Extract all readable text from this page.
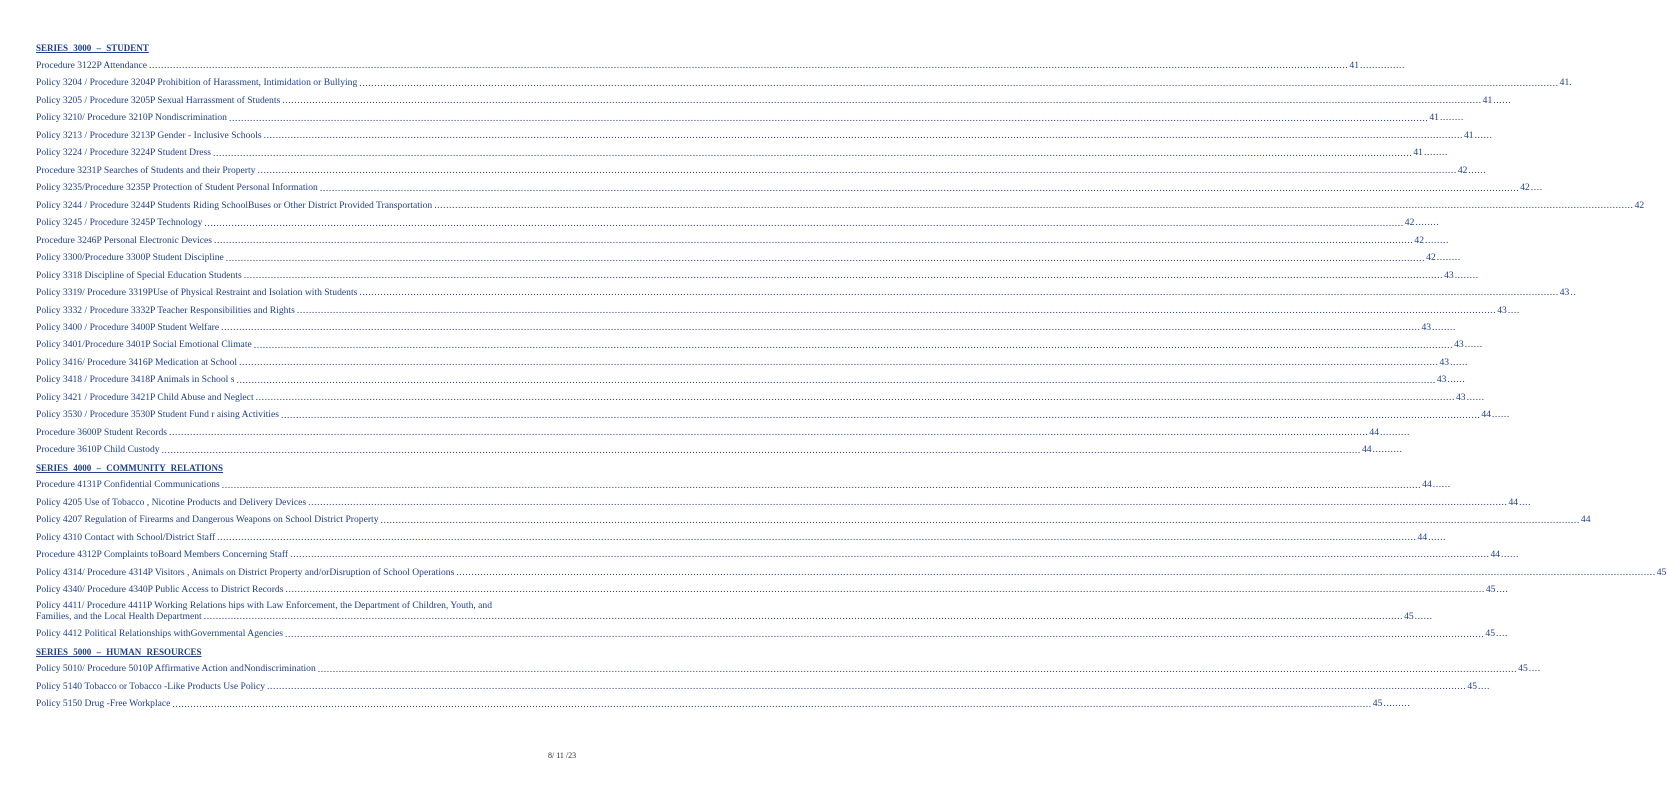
SERIES 3000 – STUDENT
Procedure 3122P Attendance ................................................................................................................................................................................................................................................................................................................................................................................................................ 41 ...............
Policy 3204 / Procedure 3204P Prohibition of Harassment, Intimidation or Bullying ................................................................................................................................................................................................................................................................................................................................................................................................................ 41.
Policy 3205 / Procedure 3205P Sexual Harrassment of Students ................................................................................................................................................................................................................................................................................................................................................................................................................ 41 ......
Policy 3210/ Procedure 3210P Nondiscrimination ................................................................................................................................................................................................................................................................................................................................................................................................................ 41 ........
Policy 3213 / Procedure 3213P Gender - Inclusive Schools ................................................................................................................................................................................................................................................................................................................................................................................................................ 41 ......
Policy 3224 / Procedure 3224P Student Dress ................................................................................................................................................................................................................................................................................................................................................................................................................ 41 ........
Procedure 3231P Searches of Students and their Property ................................................................................................................................................................................................................................................................................................................................................................................................................ 42 ......
Policy 3235/Procedure 3235P Protection of Student Personal Information ................................................................................................................................................................................................................................................................................................................................................................................................................ 42 ....
Policy 3244 / Procedure 3244P Students Riding SchoolBuses or Other District Provided Transportation ................................................................................................................................................................................................................................................................................................................................................................................................................ 42
Policy 3245 / Procedure 3245P Technology ................................................................................................................................................................................................................................................................................................................................................................................................................ 42 ........
Procedure 3246P Personal Electronic Devices ................................................................................................................................................................................................................................................................................................................................................................................................................ 42 ........
Policy 3300/Procedure 3300P Student Discipline ................................................................................................................................................................................................................................................................................................................................................................................................................ 42 ........
Policy 3318 Discipline of Special Education Students ................................................................................................................................................................................................................................................................................................................................................................................................................ 43 ........
Policy 3319/ Procedure 3319PUse of Physical Restraint and Isolation with Students ................................................................................................................................................................................................................................................................................................................................................................................................................ 43 ..
Policy 3332 / Procedure 3332P Teacher Responsibilities and Rights ................................................................................................................................................................................................................................................................................................................................................................................................................ 43 ....
Policy 3400 / Procedure 3400P Student Welfare ................................................................................................................................................................................................................................................................................................................................................................................................................ 43 ........
Policy 3401/Procedure 3401P Social Emotional Climate ................................................................................................................................................................................................................................................................................................................................................................................................................ 43 ......
Policy 3416/ Procedure 3416P Medication at School ................................................................................................................................................................................................................................................................................................................................................................................................................ 43 ......
Policy 3418 / Procedure 3418P Animals in School s ................................................................................................................................................................................................................................................................................................................................................................................................................ 43 ......
Policy 3421 / Procedure 3421P Child Abuse and Neglect ................................................................................................................................................................................................................................................................................................................................................................................................................ 43 ......
Policy 3530 / Procedure 3530P Student Fund r aising Activities ................................................................................................................................................................................................................................................................................................................................................................................................................ 44 ......
Procedure 3600P Student Records ................................................................................................................................................................................................................................................................................................................................................................................................................ 44 ..........
Procedure 3610P Child Custody ................................................................................................................................................................................................................................................................................................................................................................................................................ 44 ..........
SERIES 4000 – COMMUNITY RELATIONS
Procedure 4131P Confidential Communications ................................................................................................................................................................................................................................................................................................................................................................................................................ 44 ......
Policy 4205 Use of Tobacco , Nicotine Products and Delivery Devices ................................................................................................................................................................................................................................................................................................................................................................................................................ 44 ....
Policy 4207 Regulation of Firearms and Dangerous Weapons on School District Property ................................................................................................................................................................................................................................................................................................................................................................................................................ 44
Policy 4310 Contact with School/District Staff ................................................................................................................................................................................................................................................................................................................................................................................................................ 44 ......
Procedure 4312P Complaints toBoard Members Concerning Staff ................................................................................................................................................................................................................................................................................................................................................................................................................ 44 ......
Policy 4314/ Procedure 4314P Visitors , Animals on District Property and/orDisruption of School Operations ................................................................................................................................................................................................................................................................................................................................................................................................................ 45
Policy 4340/ Procedure 4340P Public Access to District Records ................................................................................................................................................................................................................................................................................................................................................................................................................ 45 ....
Policy 4411/ Procedure 4411P Working Relations hips with Law Enforcement, the Department of Children, Youth, and
Families, and the Local Health Department ................................................................................................................................................................................................................................................................................................................................................................................................................ 45 ......
Policy 4412 Political Relationships withGovernmental Agencies ................................................................................................................................................................................................................................................................................................................................................................................................................ 45 ....
SERIES 5000 – HUMAN RESOURCES
Policy 5010/ Procedure 5010P Affirmative Action andNondiscrimination ................................................................................................................................................................................................................................................................................................................................................................................................................ 45 ....
Policy 5140 Tobacco or Tobacco -Like Products Use Policy ................................................................................................................................................................................................................................................................................................................................................................................................................ 45 ....
Policy 5150 Drug -Free Workplace ................................................................................................................................................................................................................................................................................................................................................................................................................ 45 .........
8/ 11 /23
